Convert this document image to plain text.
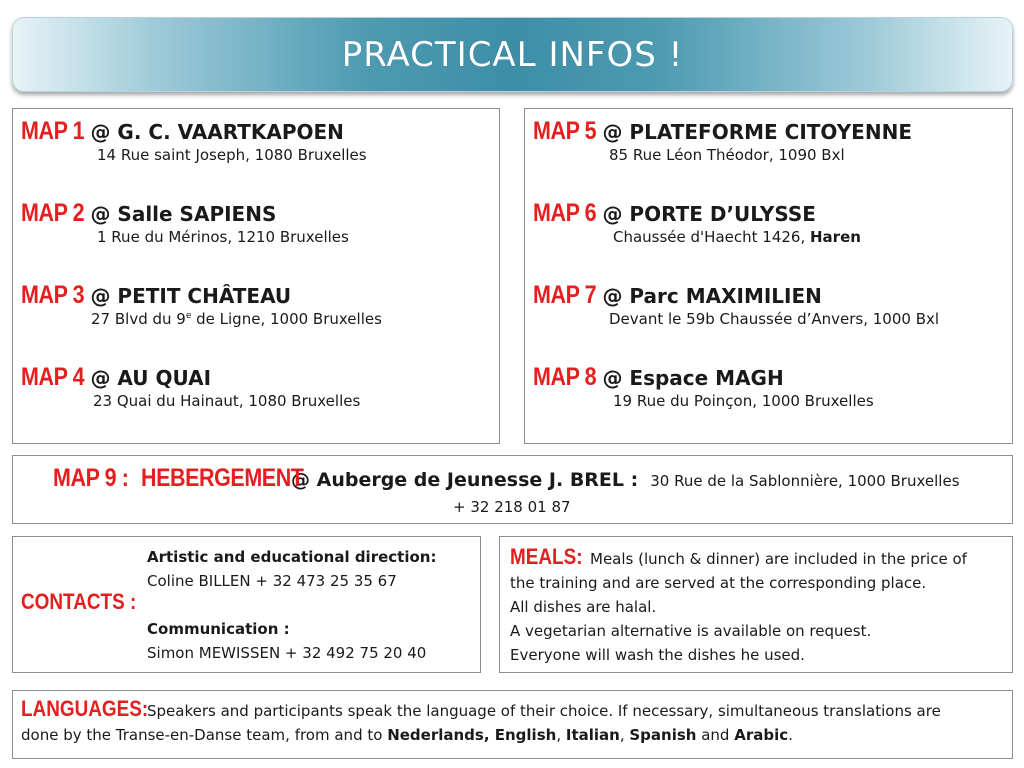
PRACTICAL INFOS !
MAP 1 @ G. C. VAARTKAPOEN
14 Rue saint Joseph, 1080 Bruxelles
MAP 2 @ Salle SAPIENS
1 Rue du Mérinos, 1210 Bruxelles
MAP 3 @ PETIT CHÂTEAU
27 Blvd du 9e de Ligne, 1000 Bruxelles
MAP 4 @ AU QUAI
23 Quai du Hainaut, 1080 Bruxelles
MAP 5 @ PLATEFORME CITOYENNE
85 Rue Léon Théodor, 1090 Bxl
MAP 6 @ PORTE D’ULYSSE
Chaussée d'Haecht 1426, Haren
MAP 7 @ Parc MAXIMILIEN
Devant le 59b Chaussée d’Anvers, 1000 Bxl
MAP 8 @ Espace MAGH
19 Rue du Poinçon, 1000 Bruxelles
MAP 9 : HEBERGEMENT
@ Auberge de Jeunesse J. BREL : 30 Rue de la Sablonnière, 1000 Bruxelles
+ 32 218 01 87
CONTACTS :
Artistic and educational direction:
Coline BILLEN + 32 473 25 35 67
Communication :
Simon MEWISSEN + 32 492 75 20 40
MEALS: Meals (lunch & dinner) are included in the price of
the training and are served at the corresponding place.
All dishes are halal.
A vegetarian alternative is available on request.
Everyone will wash the dishes he used.
LANGUAGES:Speakers and participants speak the language of their choice. If necessary, simultaneous translations are
done by the Transe-en-Danse team, from and to Nederlands, English, Italian, Spanish and Arabic.
